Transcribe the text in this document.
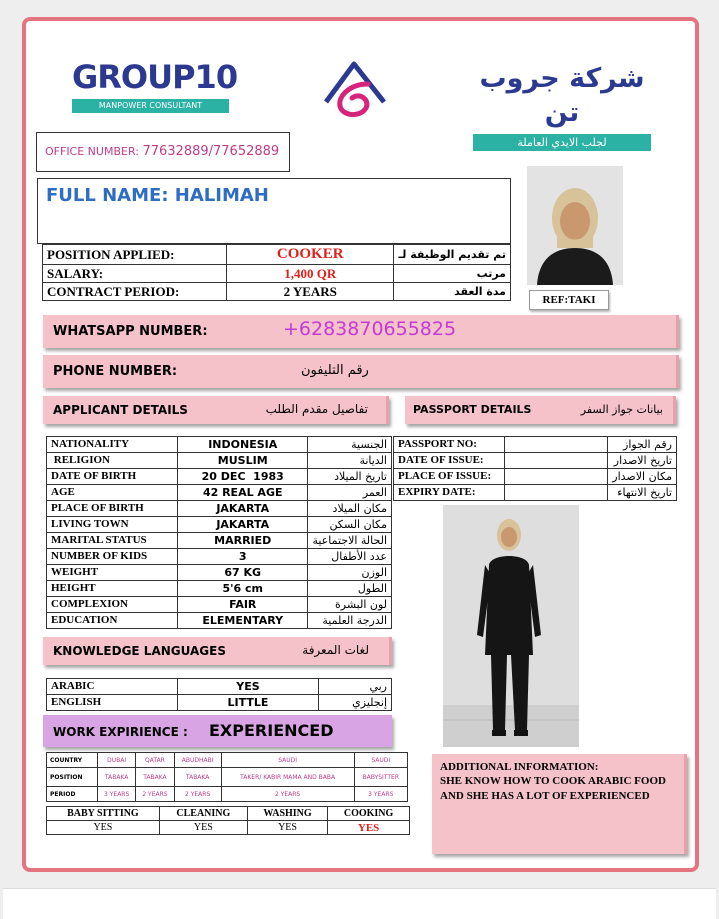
GROUP10
MANPOWER CONSULTANT
شركة جروب تن
لجلب الايدي العاملة
OFFICE NUMBER: 77632889/77652889
FULL NAME: HALIMAH
POSITION APPLIED:	COOKER	تم تقديم الوظيفة لـ
SALARY:	1,400 QR	مرتب
CONTRACT PERIOD:	2 YEARS	مدة العقد
REF:TAKI
WHATSAPP NUMBER:	+6283870655825
PHONE NUMBER:	رقم التليفون
APPLICANT DETAILS	تفاصيل مقدم الطلب	PASSPORT DETAILS	بيانات جواز السفر
NATIONALITY	INDONESIA	الجنسية
RELIGION	MUSLIM	الديانة
DATE OF BIRTH	20 DEC  1983	تاريخ الميلاد
AGE	42 REAL AGE	العمر
PLACE OF BIRTH	JAKARTA	مكان الميلاد
LIVING TOWN	JAKARTA	مكان السكن
MARITAL STATUS	MARRIED	الحالة الاجتماعية
NUMBER OF KIDS	3	عدد الأطفال
WEIGHT	67 KG	الوزن
HEIGHT	5'6 cm	الطول
COMPLEXION	FAIR	لون البشرة
EDUCATION	ELEMENTARY	الدرجة العلمية
PASSPORT NO:		رقم الجواز
DATE OF ISSUE:		تاريخ الاصدار
PLACE OF ISSUE:		مكان الاصدار
EXPIRY DATE:		تاريخ الانتهاء
KNOWLEDGE LANGUAGES	لغات المعرفة
ARABIC	YES	ربي
ENGLISH	LITTLE	إنجليزي
WORK EXPIRIENCE : EXPERIENCED
COUNTRY	DUBAI	QATAR	ABUDHABI	SAUDI	SAUDI
POSITION	TABAKA	TABAKA	TABAKA	TAKER/ KABIR MAMA AND BABA	BABYSITTER
PERIOD	3 YEARS	2 YEARS	2 YEARS	2 YEARS	3 YEARS
BABY SITTING	CLEANING	WASHING	COOKING
YES	YES	YES	YES
ADDITIONAL INFORMATION:
SHE KNOW HOW TO COOK ARABIC FOOD AND SHE HAS A LOT OF EXPERIENCED
